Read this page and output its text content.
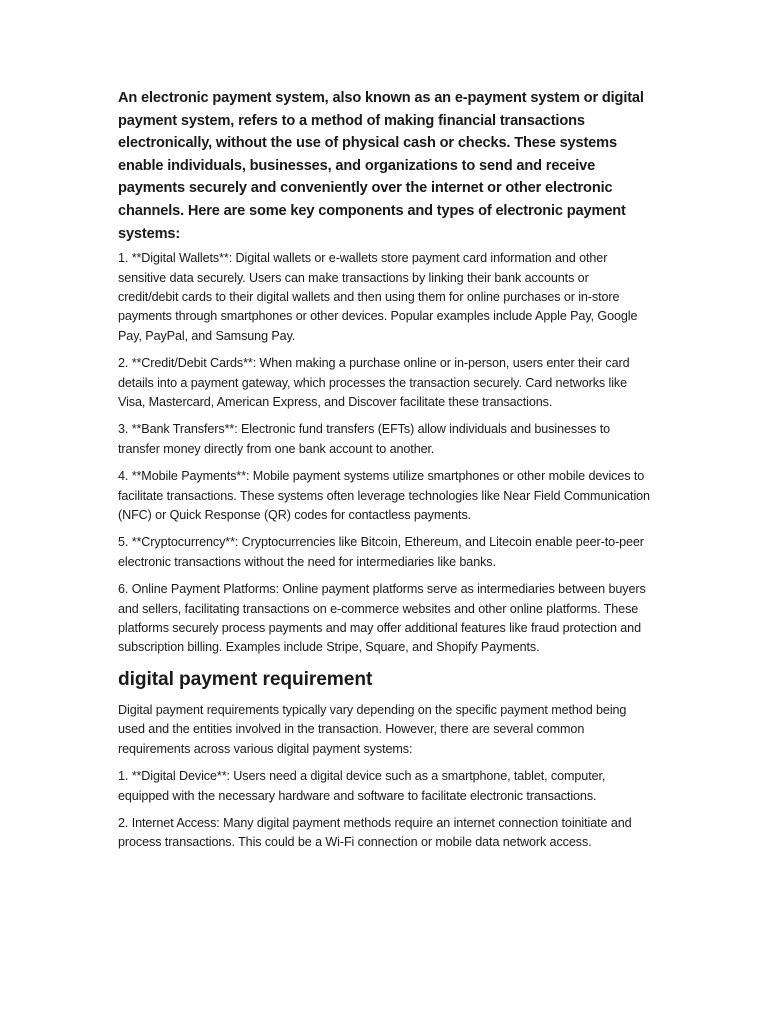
An electronic payment system, also known as an e-payment system or digital payment system, refers to a method of making financial transactions electronically, without the use of physical cash or checks. These systems enable individuals, businesses, and organizations to send and receive payments securely and conveniently over the internet or other electronic channels. Here are some key components and types of electronic payment systems:

1. **Digital Wallets**: Digital wallets or e-wallets store payment card information and other sensitive data securely. Users can make transactions by linking their bank accounts or credit/debit cards to their digital wallets and then using them for online purchases or in-store payments through smartphones or other devices. Popular examples include Apple Pay, Google Pay, PayPal, and Samsung Pay.

2. **Credit/Debit Cards**: When making a purchase online or in-person, users enter their card details into a payment gateway, which processes the transaction securely. Card networks like Visa, Mastercard, American Express, and Discover facilitate these transactions.

3. **Bank Transfers**: Electronic fund transfers (EFTs) allow individuals and businesses to transfer money directly from one bank account to another.

4. **Mobile Payments**: Mobile payment systems utilize smartphones or other mobile devices to facilitate transactions. These systems often leverage technologies like Near Field Communication (NFC) or Quick Response (QR) codes for contactless payments.

5. **Cryptocurrency**: Cryptocurrencies like Bitcoin, Ethereum, and Litecoin enable peer-to-peer electronic transactions without the need for intermediaries like banks.

6. Online Payment Platforms: Online payment platforms serve as intermediaries between buyers and sellers, facilitating transactions on e-commerce websites and other online platforms. These platforms securely process payments and may offer additional features like fraud protection and subscription billing. Examples include Stripe, Square, and Shopify Payments.

digital payment requirement

Digital payment requirements typically vary depending on the specific payment method being used and the entities involved in the transaction. However, there are several common requirements across various digital payment systems:

1. **Digital Device**: Users need a digital device such as a smartphone, tablet, computer, equipped with the necessary hardware and software to facilitate electronic transactions.

2. Internet Access: Many digital payment methods require an internet connection toinitiate and process transactions. This could be a Wi-Fi connection or mobile data network access.
